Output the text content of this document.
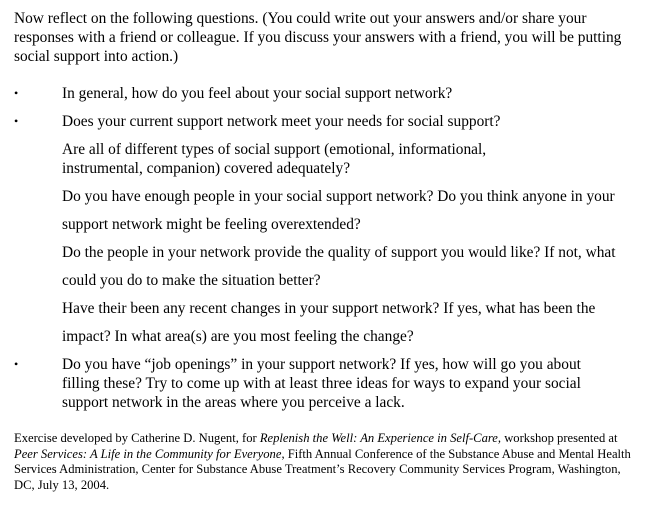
Now reflect on the following questions. (You could write out your answers and/or share your responses with a friend or colleague. If you discuss your answers with a friend, you will be putting social support into action.)
•	In general, how do you feel about your social support network?
•	Does your current support network meet your needs for social support?
Are all of different types of social support (emotional, informational,
instrumental, companion) covered adequately?
Do you have enough people in your social support network? Do you think anyone in your
support network might be feeling overextended?
Do the people in your network provide the quality of support you would like? If not, what
could you do to make the situation better?
Have their been any recent changes in your support network? If yes, what has been the
impact? In what area(s) are you most feeling the change?
•	Do you have “job openings” in your support network? If yes, how will go you about
filling these? Try to come up with at least three ideas for ways to expand your social
support network in the areas where you perceive a lack.
Exercise developed by Catherine D. Nugent, for Replenish the Well: An Experience in Self-Care, workshop presented at Peer Services: A Life in the Community for Everyone, Fifth Annual Conference of the Substance Abuse and Mental Health Services Administration, Center for Substance Abuse Treatment’s Recovery Community Services Program, Washington, DC, July 13, 2004.
